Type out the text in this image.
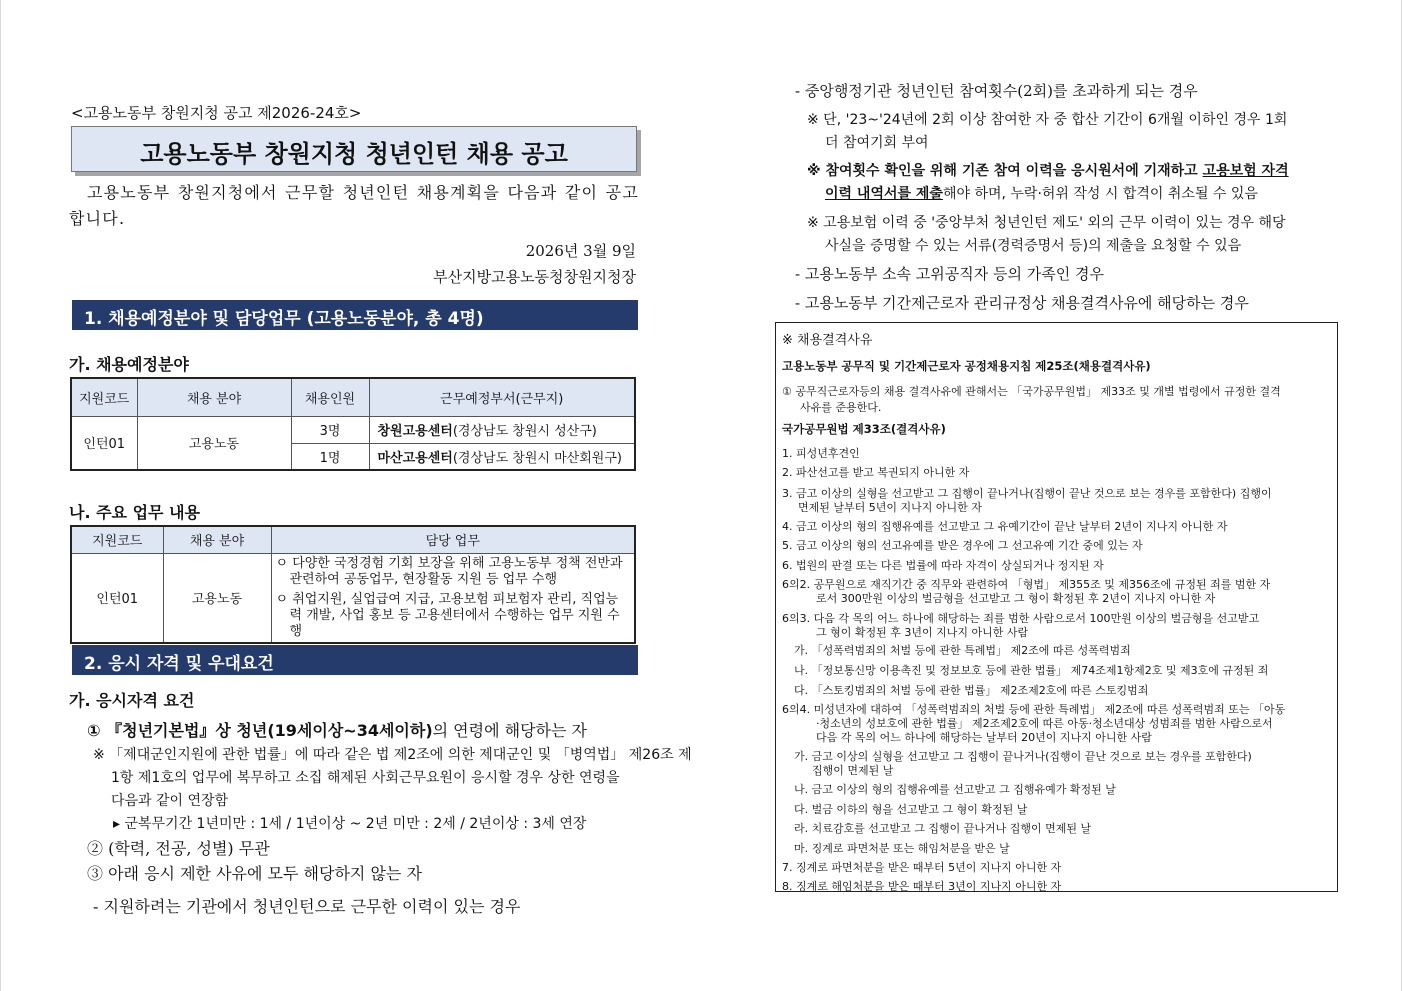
<고용노동부 창원지청 공고 제2026-24호>
고용노동부 창원지청 청년인턴 채용 공고
고용노동부 창원지청에서 근무할 청년인턴 채용계획을 다음과 같이 공고합니다.
2026년 3월 9일
부산지방고용노동청창원지청장
1. 채용예정분야 및 담당업무 (고용노동분야, 총 4명)
가. 채용예정분야
지원코드	채용 분야	채용인원	근무예정부서(근무지)
인턴01	고용노동	3명	창원고용센터(경상남도 창원시 성산구)
		1명	마산고용센터(경상남도 창원시 마산회원구)
나. 주요 업무 내용
지원코드	채용 분야	담당 업무
인턴01	고용노동	ㅇ 다양한 국정경험 기회 보장을 위해 고용노동부 정책 전반과 관련하여 공동업무, 현장활동 지원 등 업무 수행
ㅇ 취업지원, 실업급여 지급, 고용보험 피보험자 관리, 직업능력 개발, 사업 홍보 등 고용센터에서 수행하는 업무 지원 수행
2. 응시 자격 및 우대요건
가. 응시자격 요건
① 『청년기본법』상 청년(19세이상~34세이하)의 연령에 해당하는 자
※ 「제대군인지원에 관한 법률」에 따라 같은 법 제2조에 의한 제대군인 및 「병역법」 제26조 제
1항 제1호의 업무에 복무하고 소집 해제된 사회근무요원이 응시할 경우 상한 연령을
다음과 같이 연장함
▸ 군복무기간 1년미만 : 1세 / 1년이상 ~ 2년 미만 : 2세 / 2년이상 : 3세 연장
② (학력, 전공, 성별) 무관
③ 아래 응시 제한 사유에 모두 해당하지 않는 자
- 지원하려는 기관에서 청년인턴으로 근무한 이력이 있는 경우
- 중앙행정기관 청년인턴 참여횟수(2회)를 초과하게 되는 경우
※ 단, '23~'24년에 2회 이상 참여한 자 중 합산 기간이 6개월 이하인 경우 1회
더 참여기회 부여
※ 참여횟수 확인을 위해 기존 참여 이력을 응시원서에 기재하고 고용보험 자격
이력 내역서를 제출해야 하며, 누락·허위 작성 시 합격이 취소될 수 있음
※ 고용보험 이력 중 '중앙부처 청년인턴 제도' 외의 근무 이력이 있는 경우 해당
사실을 증명할 수 있는 서류(경력증명서 등)의 제출을 요청할 수 있음
- 고용노동부 소속 고위공직자 등의 가족인 경우
- 고용노동부 기간제근로자 관리규정상 채용결격사유에 해당하는 경우
※ 채용결격사유
고용노동부 공무직 및 기간제근로자 공정채용지침 제25조(채용결격사유)
① 공무직근로자등의 채용 결격사유에 관해서는 「국가공무원법」 제33조 및 개별 법령에서 규정한 결격
사유를 준용한다.
국가공무원법 제33조(결격사유)
1. 피성년후견인
2. 파산선고를 받고 복권되지 아니한 자
3. 금고 이상의 실형을 선고받고 그 집행이 끝나거나(집행이 끝난 것으로 보는 경우를 포함한다) 집행이
면제된 날부터 5년이 지나지 아니한 자
4. 금고 이상의 형의 집행유예를 선고받고 그 유예기간이 끝난 날부터 2년이 지나지 아니한 자
5. 금고 이상의 형의 선고유예를 받은 경우에 그 선고유예 기간 중에 있는 자
6. 법원의 판결 또는 다른 법률에 따라 자격이 상실되거나 정지된 자
6의2. 공무원으로 재직기간 중 직무와 관련하여 「형법」 제355조 및 제356조에 규정된 죄를 범한 자
로서 300만원 이상의 벌금형을 선고받고 그 형이 확정된 후 2년이 지나지 아니한 자
6의3. 다음 각 목의 어느 하나에 해당하는 죄를 범한 사람으로서 100만원 이상의 벌금형을 선고받고
그 형이 확정된 후 3년이 지나지 아니한 사람
가. 「성폭력범죄의 처벌 등에 관한 특례법」 제2조에 따른 성폭력범죄
나. 「정보통신망 이용촉진 및 정보보호 등에 관한 법률」 제74조제1항제2호 및 제3호에 규정된 죄
다. 「스토킹범죄의 처벌 등에 관한 법률」 제2조제2호에 따른 스토킹범죄
6의4. 미성년자에 대하여 「성폭력범죄의 처벌 등에 관한 특례법」 제2조에 따른 성폭력범죄 또는 「아동
·청소년의 성보호에 관한 법률」 제2조제2호에 따른 아동·청소년대상 성범죄를 범한 사람으로서
다음 각 목의 어느 하나에 해당하는 날부터 20년이 지나지 아니한 사람
가. 금고 이상의 실형을 선고받고 그 집행이 끝나거나(집행이 끝난 것으로 보는 경우를 포함한다)
집행이 면제된 날
나. 금고 이상의 형의 집행유예를 선고받고 그 집행유예가 확정된 날
다. 벌금 이하의 형을 선고받고 그 형이 확정된 날
라. 치료감호를 선고받고 그 집행이 끝나거나 집행이 면제된 날
마. 징계로 파면처분 또는 해임처분을 받은 날
7. 징계로 파면처분을 받은 때부터 5년이 지나지 아니한 자
8. 징계로 해임처분을 받은 때부터 3년이 지나지 아니한 자
